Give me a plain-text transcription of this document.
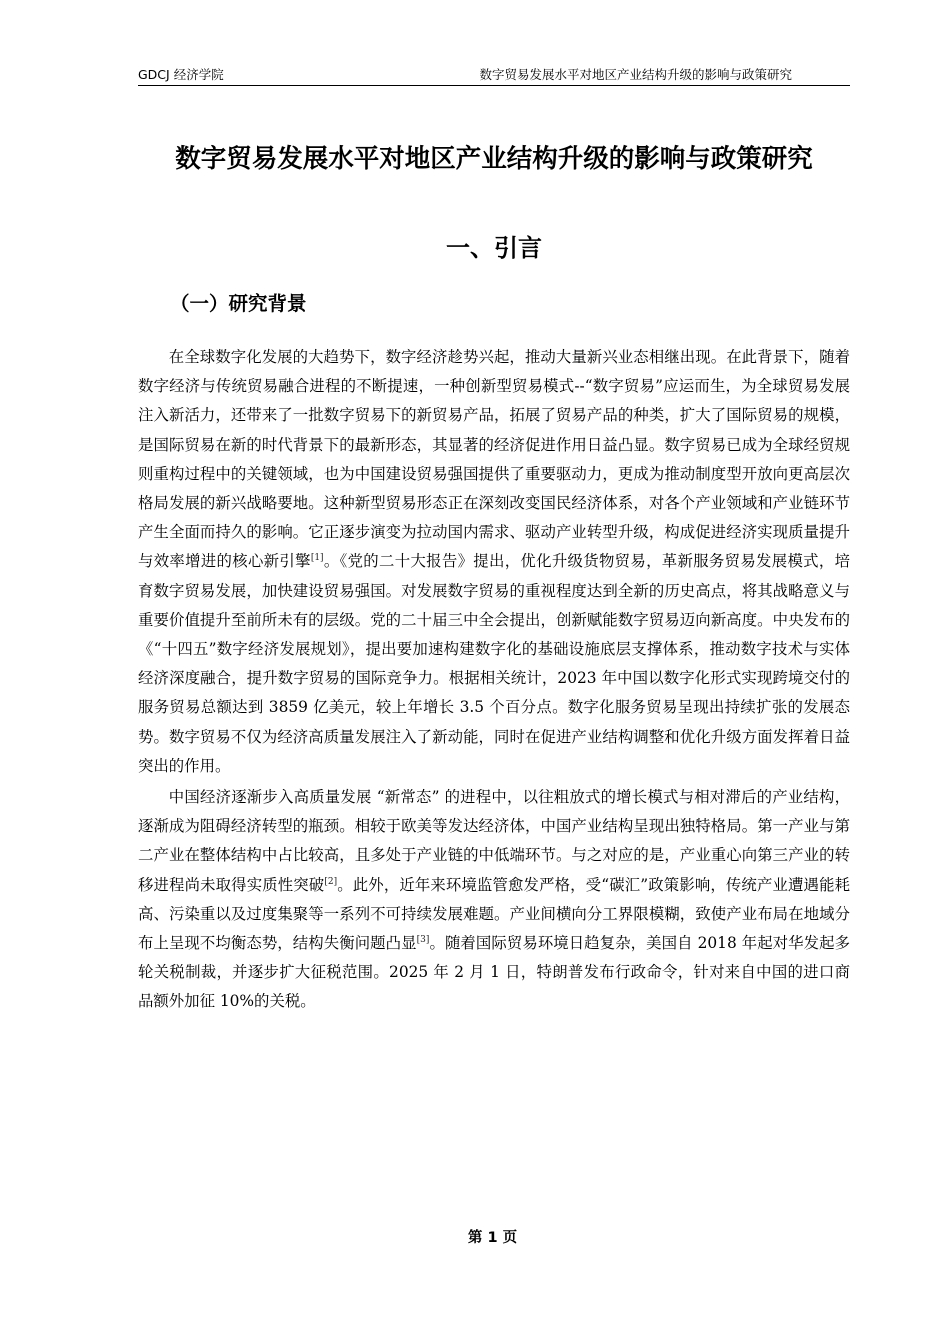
GDCJ 经济学院	数字贸易发展水平对地区产业结构升级的影响与政策研究
数字贸易发展水平对地区产业结构升级的影响与政策研究
一、引言
（一）研究背景

在全球数字化发展的大趋势下，数字经济趁势兴起，推动大量新兴业态相继出现。在此背景下，随着数字经济与传统贸易融合进程的不断提速，一种创新型贸易模式--“数字贸易”应运而生，为全球贸易发展注入新活力，还带来了一批数字贸易下的新贸易产品，拓展了贸易产品的种类，扩大了国际贸易的规模，是国际贸易在新的时代背景下的最新形态，其显著的经济促进作用日益凸显。数字贸易已成为全球经贸规则重构过程中的关键领域，也为中国建设贸易强国提供了重要驱动力，更成为推动制度型开放向更高层次格局发展的新兴战略要地。这种新型贸易形态正在深刻改变国民经济体系，对各个产业领域和产业链环节产生全面而持久的影响。它正逐步演变为拉动国内需求、驱动产业转型升级，构成促进经济实现质量提升与效率增进的核心新引擎[1]。《党的二十大报告》提出，优化升级货物贸易，革新服务贸易发展模式，培育数字贸易发展，加快建设贸易强国。对发展数字贸易的重视程度达到全新的历史高点，将其战略意义与重要价值提升至前所未有的层级。党的二十届三中全会提出，创新赋能数字贸易迈向新高度。中央发布的《“十四五”数字经济发展规划》，提出要加速构建数字化的基础设施底层支撑体系，推动数字技术与实体经济深度融合，提升数字贸易的国际竞争力。根据相关统计，2023 年中国以数字化形式实现跨境交付的服务贸易总额达到 3859 亿美元，较上年增长 3.5 个百分点。数字化服务贸易呈现出持续扩张的发展态势。数字贸易不仅为经济高质量发展注入了新动能，同时在促进产业结构调整和优化升级方面发挥着日益突出的作用。

中国经济逐渐步入高质量发展 “新常态” 的进程中，以往粗放式的增长模式与相对滞后的产业结构，逐渐成为阻碍经济转型的瓶颈。相较于欧美等发达经济体，中国产业结构呈现出独特格局。第一产业与第二产业在整体结构中占比较高，且多处于产业链的中低端环节。与之对应的是，产业重心向第三产业的转移进程尚未取得实质性突破[2]。此外，近年来环境监管愈发严格，受“碳汇”政策影响，传统产业遭遇能耗高、污染重以及过度集聚等一系列不可持续发展难题。产业间横向分工界限模糊，致使产业布局在地域分布上呈现不均衡态势，结构失衡问题凸显[3]。随着国际贸易环境日趋复杂，美国自 2018 年起对华发起多轮关税制裁，并逐步扩大征税范围。2025 年 2 月 1 日，特朗普发布行政命令，针对来自中国的进口商品额外加征 10%的关税。

第 1 页
